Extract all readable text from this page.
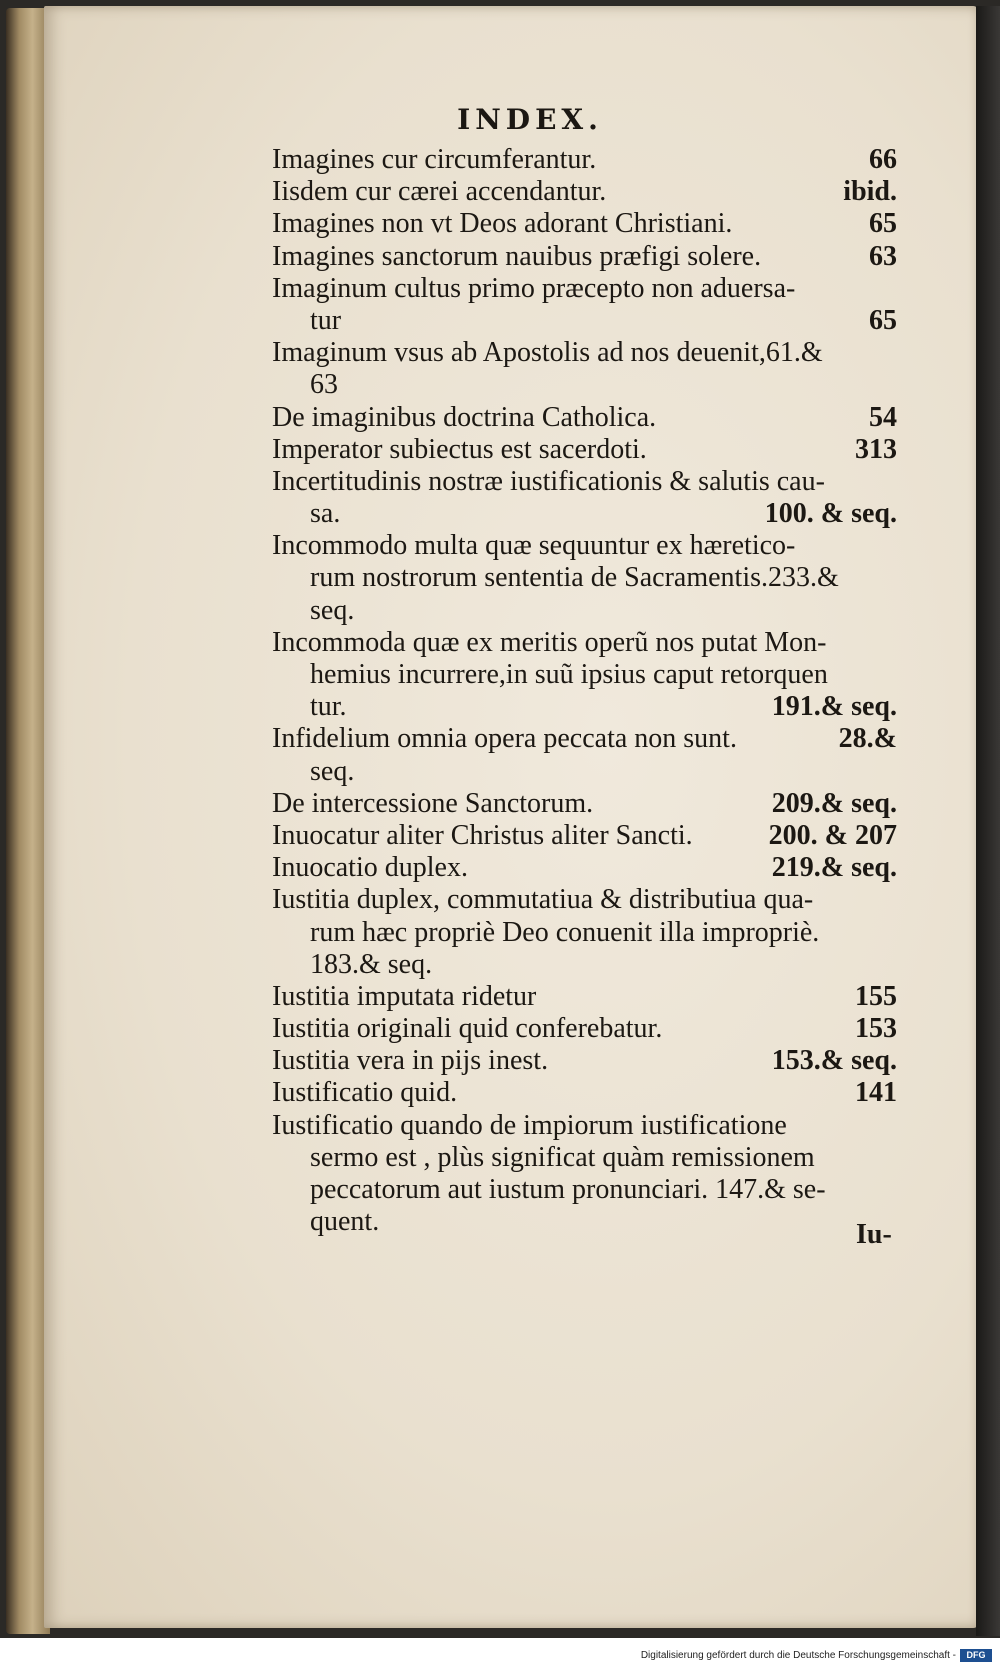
INDEX.
Imagines cur circumferantur.	66
Iisdem cur cærei accendantur.	ibid.
Imagines non vt Deos adorant Christiani.	65
Imagines sanctorum nauibus præfigi solere.	63
Imaginum cultus primo præcepto non aduersa-
tur	65
Imaginum vsus ab Apostolis ad nos deuenit,61.&
63
De imaginibus doctrina Catholica.	54
Imperator subiectus est sacerdoti.	313
Incertitudinis nostræ iustificationis & salutis cau-
sa.	100. & seq.
Incommodo multa quæ sequuntur ex hæretico-
rum nostrorum sententia de Sacramentis.233.&
seq.
Incommoda quæ ex meritis operũ nos putat Mon-
hemius incurrere,in suũ ipsius caput retorquen
tur.	191.& seq.
Infidelium omnia opera peccata non sunt.	28.&
seq.
De intercessione Sanctorum.	209.& seq.
Inuocatur aliter Christus aliter Sancti.	200. & 207
Inuocatio duplex.	219.& seq.
Iustitia duplex, commutatiua & distributiua qua-
rum hæc propriè Deo conuenit illa impropriè.
183.& seq.
Iustitia imputata ridetur	155
Iustitia originali quid conferebatur.	153
Iustitia vera in pijs inest.	153.& seq.
Iustificatio quid.	141
Iustificatio quando de impiorum iustificatione
sermo est , plùs significat quàm remissionem
peccatorum aut iustum pronunciari. 147.& se-
quent.	Iu-
Digitalisierung gefördert durch die Deutsche Forschungsgemeinschaft -	DFG
